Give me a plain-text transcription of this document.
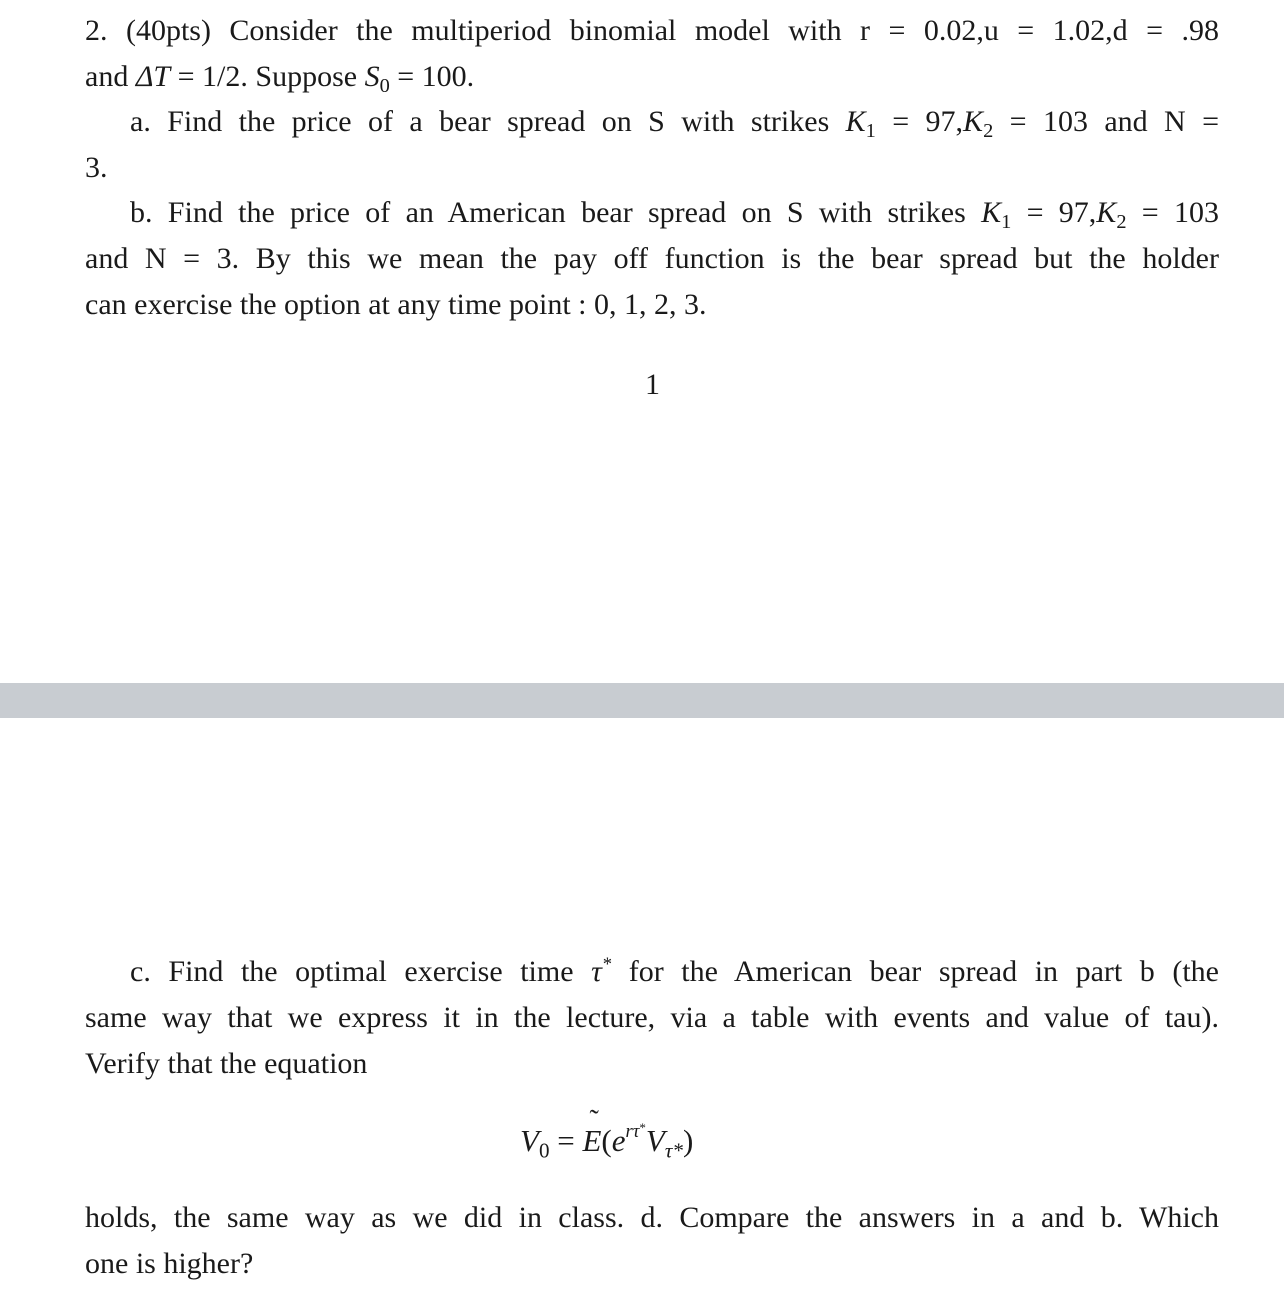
2. (40pts) Consider the multiperiod binomial model with r = 0.02,u = 1.02,d = .98
and ΔT = 1/2. Suppose $S_0 = 100$.
a. Find the price of a bear spread on S with strikes $K_1 = 97,K_2 = 103$ and N =
3.
b. Find the price of an American bear spread on S with strikes $K_1 = 97,K_2 = 103$
and N = 3. By this we mean the pay off function is the bear spread but the holder
can exercise the option at any time point : 0, 1, 2, 3.
1
c. Find the optimal exercise time τ* for the American bear spread in part b (the
same way that we express it in the lecture, via a table with events and value of tau).
Verify that the equation
$V_0$ = ˜ $E(e^{r\tau^*}V_{\tau*})$
holds, the same way as we did in class. d. Compare the answers in a and b. Which
one is higher?
